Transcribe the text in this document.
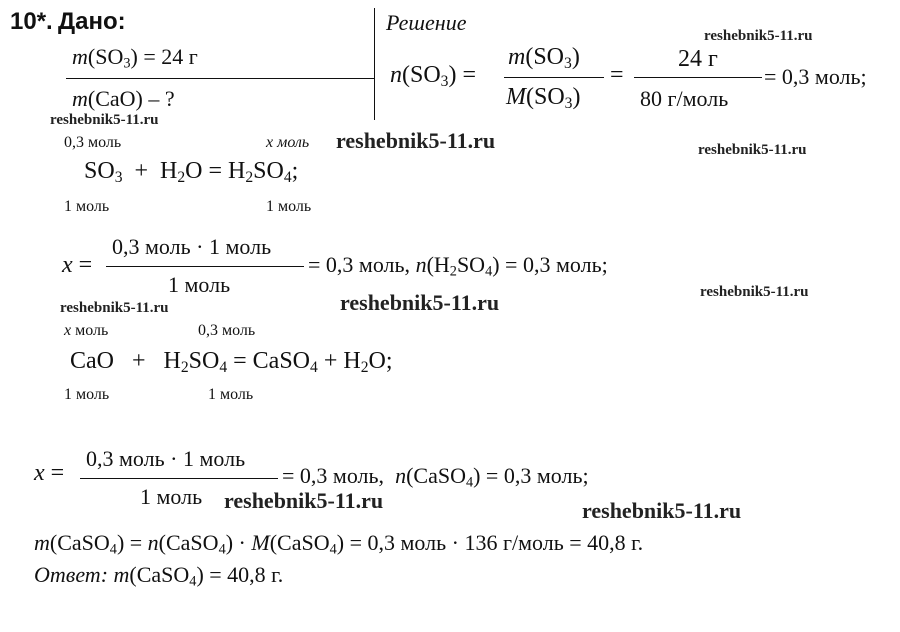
10*. Дано:	Решение
$m(SO_3) = 24$ г
m(CaO) – ?
$n(SO_3)$ =
$m(SO_3)$
$M(SO_3)$
=
24 г
80 г/моль
= 0,3 моль;
0,3 моль	x моль
$SO_3 + H_2O = H_2SO_4$;
1 моль	1 моль
x =
0,3 моль · 1 моль
1 моль
= 0,3 моль, $n(H_2SO_4) = 0,3$ моль;
x моль	0,3 моль
CaO   +   $H_2SO_4$ = CaSO$_4$ + $H_2O$;
1 моль	1 моль
x =
0,3 моль · 1 моль
1 моль
= 0,3 моль,  n(CaSO$_4$) = 0,3 моль;
m(CaSO$_4$) = n(CaSO$_4$) · M(CaSO$_4$) = 0,3 моль · 136 г/моль = 40,8 г.
Ответ: m(CaSO$_4$) = 40,8 г.
reshebnik5-11.ru
reshebnik5-11.ru
reshebnik5-11.ru	reshebnik5-11.ru
reshebnik5-11.ru	reshebnik5-11.ru	reshebnik5-11.ru
reshebnik5-11.ru	reshebnik5-11.ru
